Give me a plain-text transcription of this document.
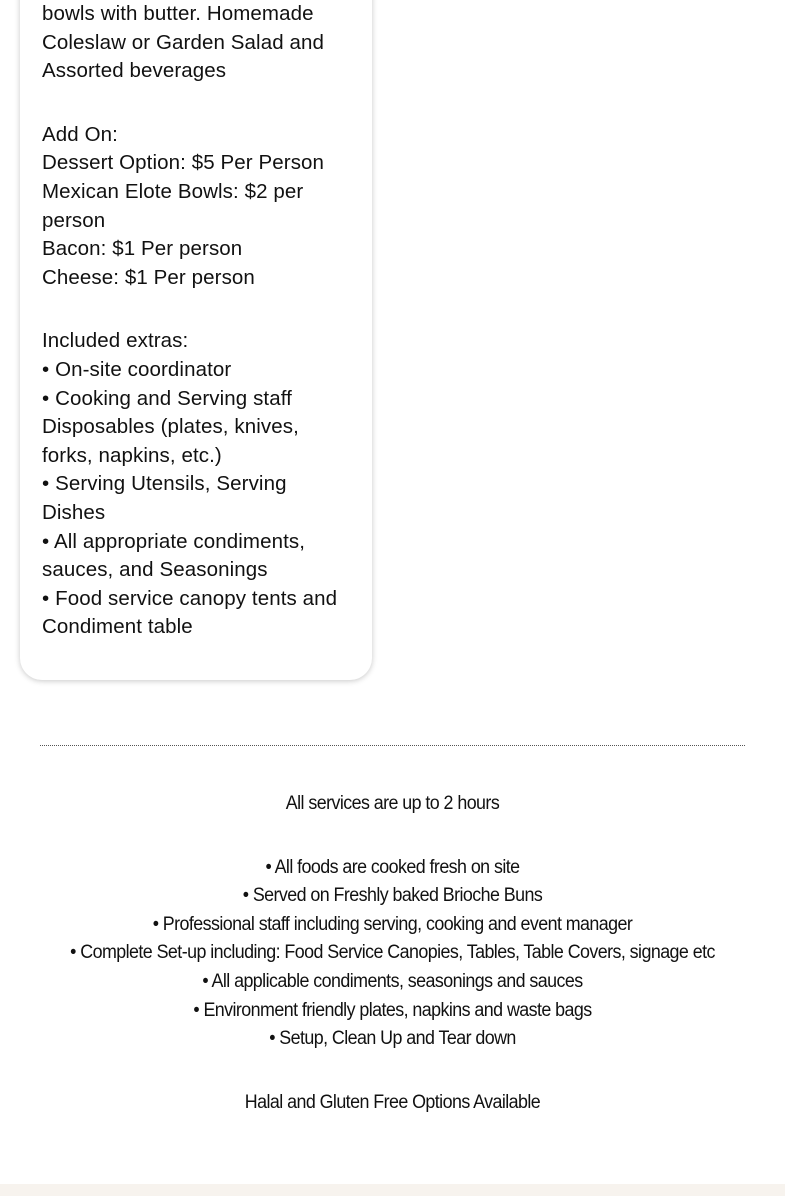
bowls with butter. Homemade
Coleslaw or Garden Salad and
Assorted beverages
Add On:
Dessert Option: $5 Per Person
Mexican Elote Bowls: $2 per
person
Bacon: $1 Per person
Cheese: $1 Per person
Included extras:
• On-site coordinator
• Cooking and Serving staff
Disposables (plates, knives,
forks, napkins, etc.)
• Serving Utensils, Serving
Dishes
• All appropriate condiments,
sauces, and Seasonings
• Food service canopy tents and
Condiment table
All services are up to 2 hours
• All foods are cooked fresh on site
• Served on Freshly baked Brioche Buns
• Professional staff including serving, cooking and event manager
• Complete Set-up including: Food Service Canopies, Tables, Table Covers, signage etc
• All applicable condiments, seasonings and sauces
• Environment friendly plates, napkins and waste bags
• Setup, Clean Up and Tear down
Halal and Gluten Free Options Available
